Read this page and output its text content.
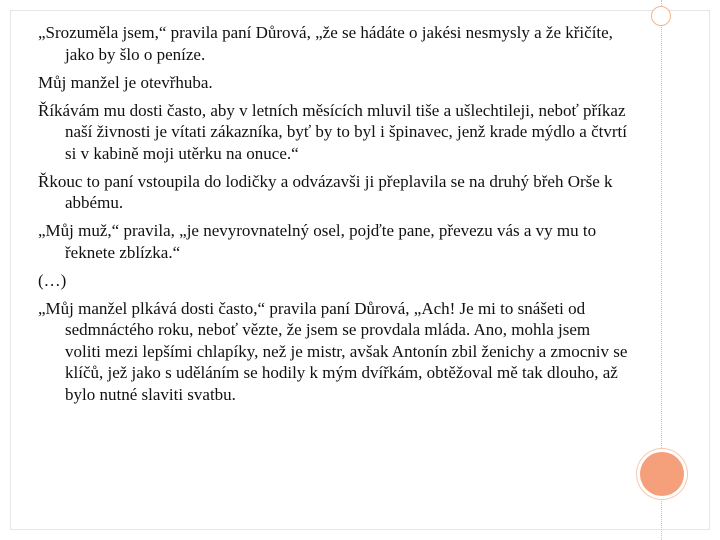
„Srozuměla jsem,“ pravila paní Důrová, „že se hádáte o jakési nesmysly a že křičíte, jako by šlo o peníze.

Můj manžel je otevřhuba.

Říkávám mu dosti často, aby v letních měsících mluvil tiše a ušlechtileji, neboť příkaz naší živnosti je vítati zákazníka, byť by to byl i špinavec, jenž krade mýdlo a čtvrtí si v kabině moji utěrku na onuce.“

Řkouc to paní vstoupila do lodičky a odvázavši ji přeplavila se na druhý břeh Orše k abbému.

„Můj muž,“ pravila, „je nevyrovnatelný osel, pojďte pane, převezu vás a vy mu to řeknete zblízka.“

(…)

„Můj manžel plkává dosti často,“ pravila paní Důrová, „Ach! Je mi to snášeti od sedmnáctého roku, neboť vězte, že jsem se provdala mláda. Ano, mohla jsem voliti mezi lepšími chlapíky, než je mistr, avšak Antonín zbil ženichy a zmocniv se klíčů, jež jako s uděláním se hodily k mým dvířkám, obtěžoval mě tak dlouho, až bylo nutné slaviti svatbu.
